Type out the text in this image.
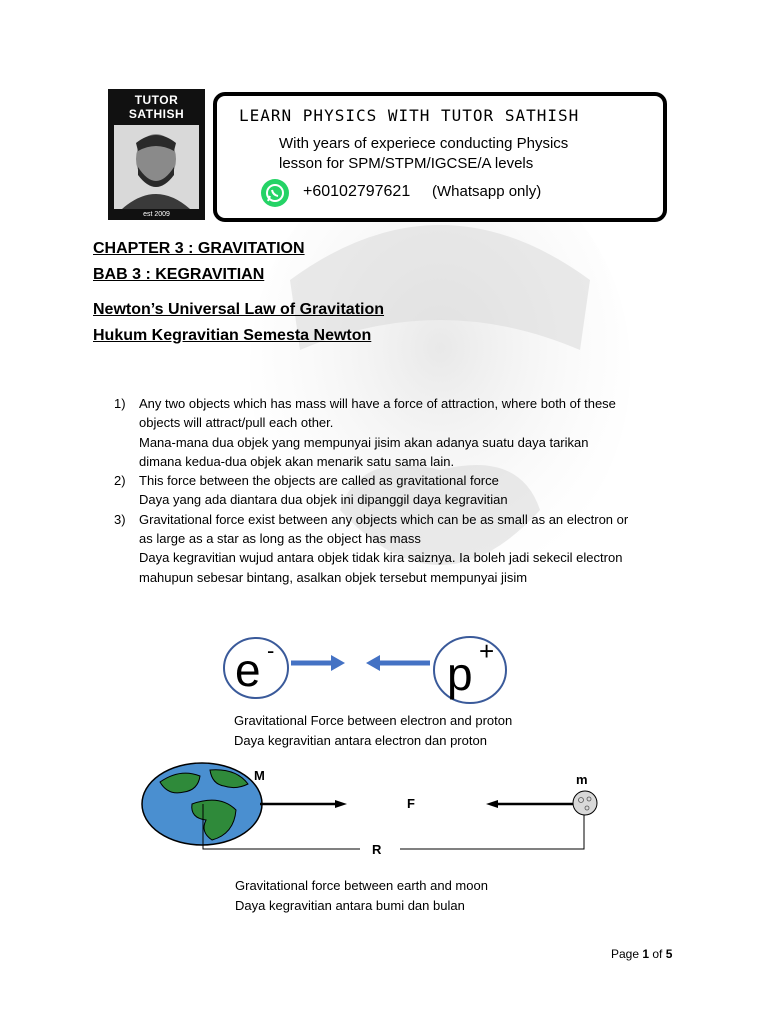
TUTOR
SATHISH
est 2009
LEARN PHYSICS WITH TUTOR SATHISH
With years of experiece conducting Physics
lesson for SPM/STPM/IGCSE/A levels
+60102797621 (Whatsapp only)
CHAPTER 3 : GRAVITATION
BAB 3 : KEGRAVITIAN
Newton’s Universal Law of Gravitation
Hukum Kegravitian Semesta Newton
1) Any two objects which has mass will have a force of attraction, where both of these
objects will attract/pull each other.
Mana-mana dua objek yang mempunyai jisim akan adanya suatu daya tarikan
dimana kedua-dua objek akan menarik satu sama lain.
2) This force between the objects are called as gravitational force
Daya yang ada diantara dua objek ini dipanggil daya kegravitian
3) Gravitational force exist between any objects which can be as small as an electron or
as large as a star as long as the object has mass
Daya kegravitian wujud antara objek tidak kira saiznya. Ia boleh jadi sekecil electron
mahupun sebesar bintang, asalkan objek tersebut mempunyai jisim
e -	p +
Gravitational Force between electron and proton
Daya kegravitian antara electron dan proton
M
F
m
R
Gravitational force between earth and moon
Daya kegravitian antara bumi dan bulan
Page 1 of 5
